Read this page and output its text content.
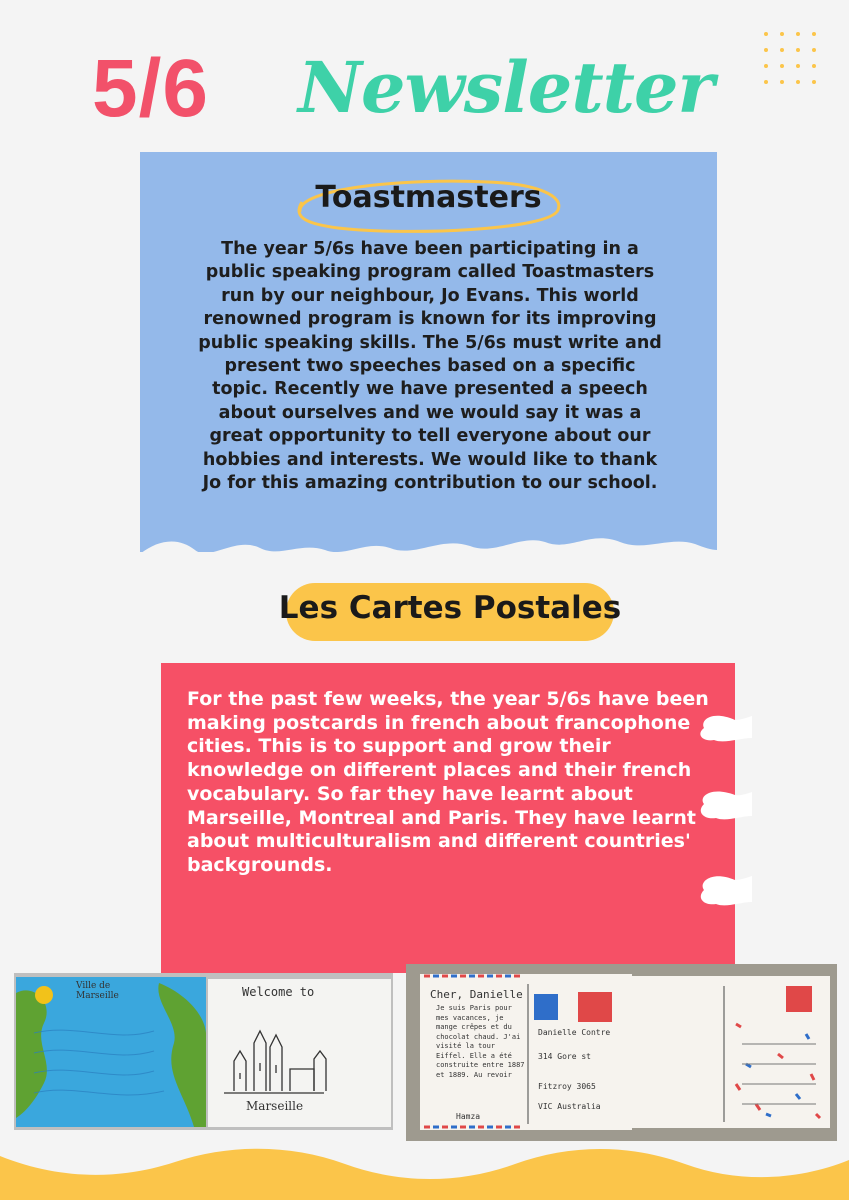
5/6 Newsletter
Toastmasters

The year 5/6s have been participating in a public speaking program called Toastmasters run by our neighbour, Jo Evans. This world renowned program is known for its improving public speaking skills. The 5/6s must write and present two speeches based on a specific topic. Recently we have presented a speech about ourselves and we would say it was a great opportunity to tell everyone about our hobbies and interests. We would like to thank Jo for this amazing contribution to our school.

Les Cartes Postales

For the past few weeks, the year 5/6s have been making postcards in french about francophone cities. This is to support and grow their knowledge on different places and their french vocabulary. So far they have learnt about Marseille, Montreal and Paris. They have learnt about multiculturalism and different countries' backgrounds.

Ville de Marseille	Welcome to
Marseille
Cher, Danielle
Je suis Paris pour mes vacances, je mange crêpes et du chocolat chaud. J'ai visité la tour Eiffel. Elle a été construite entre 1887 et 1889. Au revoir
Hamza
Danielle Contre
314 Gore st
Fitzroy 3065
VIC Australia
